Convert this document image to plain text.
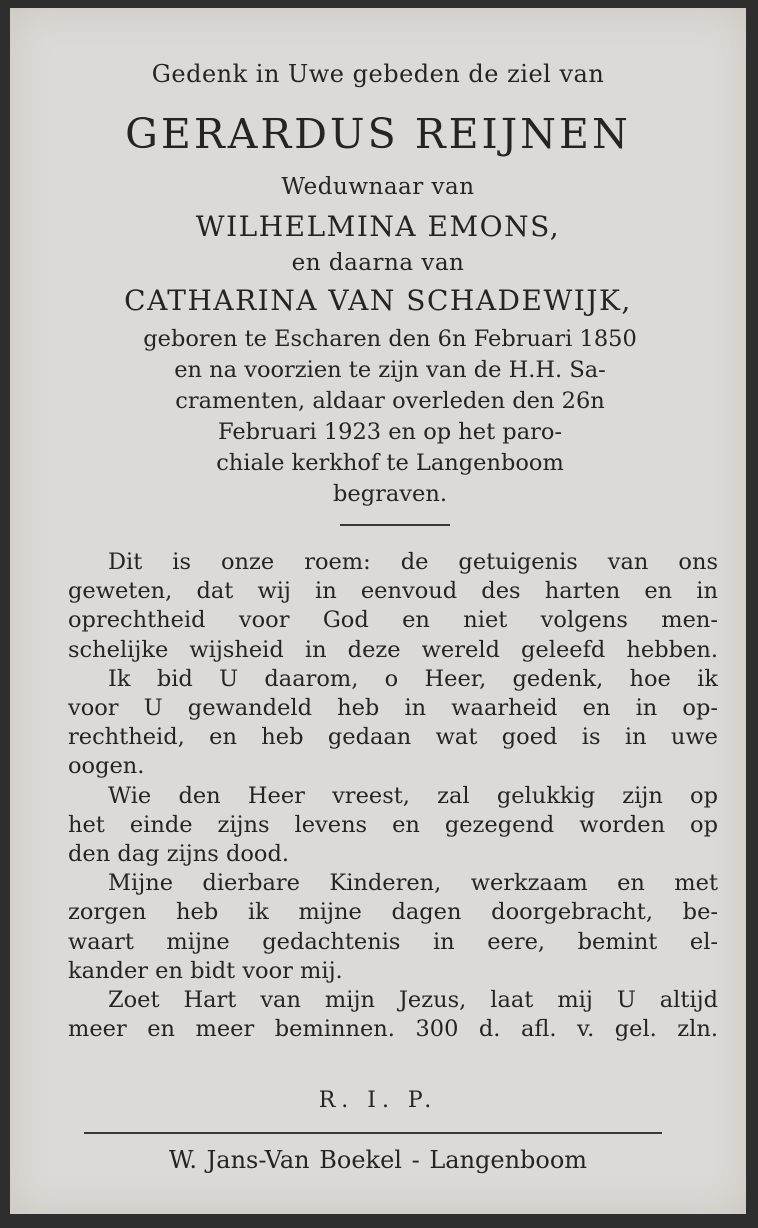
Gedenk in Uwe gebeden de ziel van
GERARDUS REIJNEN
Weduwnaar van
WILHELMINA EMONS,
en daarna van
CATHARINA VAN SCHADEWIJK,
geboren te Escharen den 6n Februari 1850
en na voorzien te zijn van de H.H. Sa-
cramenten, aldaar overleden den 26n
Februari 1923 en op het paro-
chiale kerkhof te Langenboom
begraven.
Dit is onze roem: de getuigenis van ons
geweten, dat wij in eenvoud des harten en in
oprechtheid voor God en niet volgens men-
schelijke wijsheid in deze wereld geleefd hebben.
Ik bid U daarom, o Heer, gedenk, hoe ik
voor U gewandeld heb in waarheid en in op-
rechtheid, en heb gedaan wat goed is in uwe
oogen.
Wie den Heer vreest, zal gelukkig zijn op
het einde zijns levens en gezegend worden op
den dag zijns dood.
Mijne dierbare Kinderen, werkzaam en met
zorgen heb ik mijne dagen doorgebracht, be-
waart mijne gedachtenis in eere, bemint el-
kander en bidt voor mij.
Zoet Hart van mijn Jezus, laat mij U altijd
meer en meer beminnen. 300 d. afl. v. gel. zln.
R. I. P.
W. Jans-Van Boekel - Langenboom
